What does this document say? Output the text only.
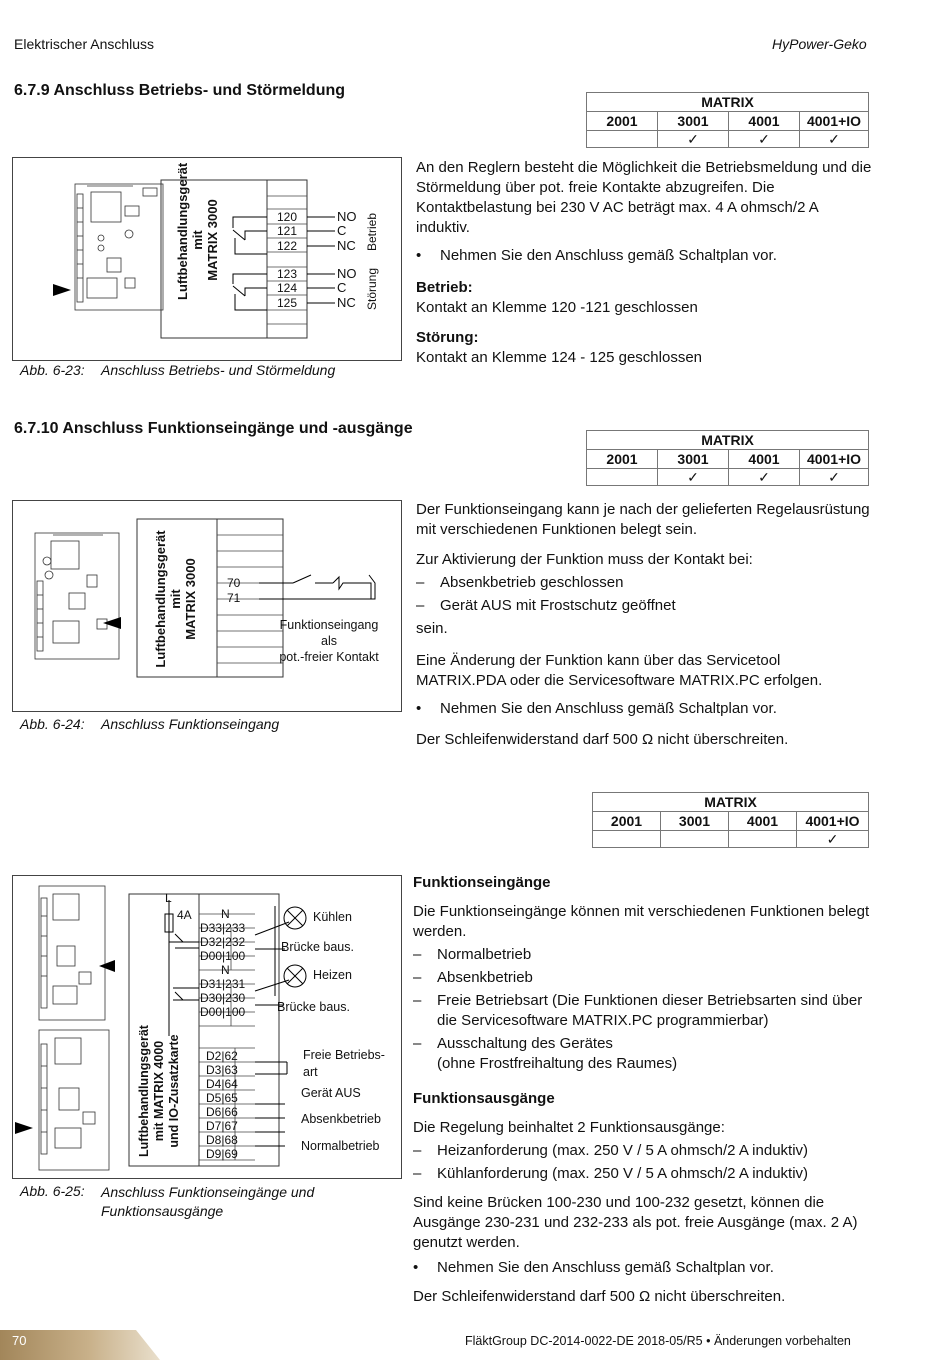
Elektrischer Anschluss	HyPower-Geko
6.7.9 Anschluss Betriebs- und Störmeldung
MATRIX			
2001	3001	4001	4001+IO
	✓	✓	✓
Luftbehandlungsgerät mit MATRIX 3000	120
121
122
123
124
125
NO
C
NC
NO
C
NC
Betrieb
Störung
Abb. 6-23: Anschluss Betriebs- und Störmeldung

An den Reglern besteht die Möglichkeit die Betriebsmeldung und die Störmeldung über pot. freie Kontakte abzugreifen. Die Kontaktbelastung bei 230 V AC beträgt max. 4 A ohmsch/2 A induktiv.

• Nehmen Sie den Anschluss gemäß Schaltplan vor.

Betrieb:

Kontakt an Klemme 120 -121 geschlossen

Störung:

Kontakt an Klemme 124 - 125 geschlossen

6.7.10 Anschluss Funktionseingänge und -ausgänge
MATRIX			
2001	3001	4001	4001+IO
	✓	✓	✓
Luftbehandlungsgerät mit MATRIX 3000 70
71
Funktionseingang
als
pot.-freier Kontakt
Abb. 6-24: Anschluss Funktionseingang

Der Funktionseingang kann je nach der gelieferten Regelausrüstung mit verschiedenen Funktionen belegt sein.

Zur Aktivierung der Funktion muss der Kontakt bei:

– Absenkbetrieb geschlossen

– Gerät AUS mit Frostschutz geöffnet

sein.

Eine Änderung der Funktion kann über das Servicetool MATRIX.PDA oder die Servicesoftware MATRIX.PC erfolgen.

• Nehmen Sie den Anschluss gemäß Schaltplan vor.

Der Schleifenwiderstand darf 500 Ω nicht überschreiten.

MATRIX			
2001	3001	4001	4001+IO
			✓
Luftbehandlungsgerät mit MATRIX 4000 und IO-Zusatzkarte
L
4A N
D33|233
D32|232
D00|100
N
D31|231
D30|230
D00|100
D2|62
D3|63
D4|64
D5|65
D6|66
D7|67
D8|68
D9|69
Kühlen
Brücke baus.
Heizen
Brücke baus.
Freie Betriebs-
art
Gerät AUS
Absenkbetrieb
Normalbetrieb
Abb. 6-25: Anschluss Funktionseingänge und
Funktionsausgänge

Funktionseingänge

Die Funktionseingänge können mit verschiedenen Funktionen belegt werden.

– Normalbetrieb

– Absenkbetrieb

– Freie Betriebsart (Die Funktionen dieser Betriebsarten sind über die Servicesoftware MATRIX.PC programmierbar)

– Ausschaltung des Gerätes

(ohne Frostfreihaltung des Raumes)

Funktionsausgänge

Die Regelung beinhaltet 2 Funktionsausgänge:

– Heizanforderung (max. 250 V / 5 A ohmsch/2 A induktiv)

– Kühlanforderung (max. 250 V / 5 A ohmsch/2 A induktiv)

Sind keine Brücken 100-230 und 100-232 gesetzt, können die Ausgänge 230-231 und 232-233 als pot. freie Ausgänge (max. 2 A) genutzt werden.

• Nehmen Sie den Anschluss gemäß Schaltplan vor.

Der Schleifenwiderstand darf 500 Ω nicht überschreiten.

70	FläktGroup DC-2014-0022-DE 2018-05/R5 • Änderungen vorbehalten
